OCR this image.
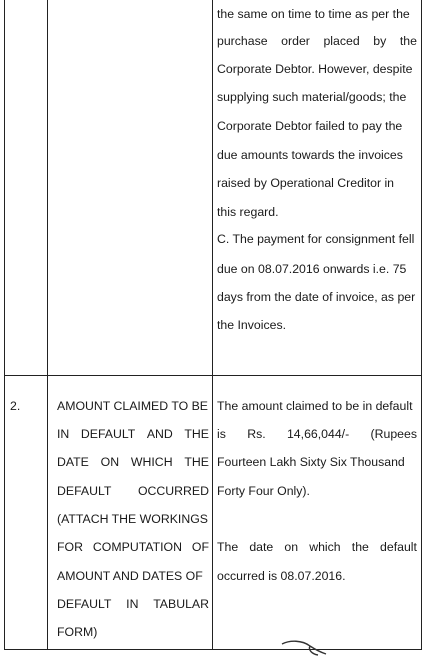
the same on time to time as per the
purchase order placed by the
Corporate Debtor. However, despite
supplying such material/goods; the
Corporate Debtor failed to pay the
due amounts towards the invoices
raised by Operational Creditor in
this regard.
C. The payment for consignment fell
due on 08.07.2016 onwards i.e. 75
days from the date of invoice, as per
the Invoices.
2.	AMOUNT CLAIMED TO BE
IN DEFAULT AND THE
DATE ON WHICH THE
DEFAULT OCCURRED
(ATTACH THE WORKINGS
FOR COMPUTATION OF
AMOUNT AND DATES OF
DEFAULT IN TABULAR
FORM)
The amount claimed to be in default
is Rs. 14,66,044/- (Rupees
Fourteen Lakh Sixty Six Thousand
Forty Four Only).
The date on which the default
occurred is 08.07.2016.
